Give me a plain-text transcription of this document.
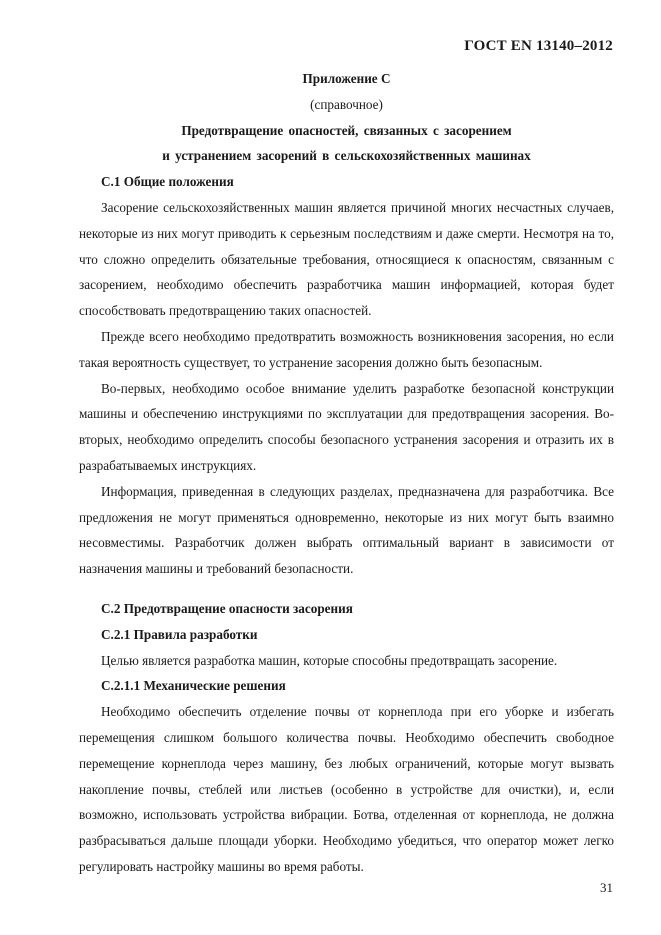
ГОСТ EN 13140–2012
Приложение С
(справочное)
Предотвращение опасностей, связанных с засорением
и устранением засорений в сельскохозяйственных машинах

С.1 Общие положения

Засорение сельскохозяйственных машин является причиной многих несчастных случаев, некоторые из них могут приводить к серьезным последствиям и даже смерти. Несмотря на то, что сложно определить обязательные требования, относящиеся к опасностям, связанным с засорением, необходимо обеспечить разработчика машин информацией, которая будет способствовать предотвращению таких опасностей.

Прежде всего необходимо предотвратить возможность возникновения засорения, но если такая вероятность существует, то устранение засорения должно быть безопасным.

Во-первых, необходимо особое внимание уделить разработке безопасной конструкции машины и обеспечению инструкциями по эксплуатации для предотвращения засорения. Во-вторых, необходимо определить способы безопасного устранения засорения и отразить их в разрабатываемых инструкциях.

Информация, приведенная в следующих разделах, предназначена для разработчика. Все предложения не могут применяться одновременно, некоторые из них могут быть взаимно несовместимы. Разработчик должен выбрать оптимальный вариант в зависимости от назначения машины и требований безопасности.

С.2 Предотвращение опасности засорения

С.2.1 Правила разработки

Целью является разработка машин, которые способны предотвращать засорение.

С.2.1.1 Механические решения

Необходимо обеспечить отделение почвы от корнеплода при его уборке и избегать перемещения слишком большого количества почвы. Необходимо обеспечить свободное перемещение корнеплода через машину, без любых ограничений, которые могут вызвать накопление почвы, стеблей или листьев (особенно в устройстве для очистки), и, если возможно, использовать устройства вибрации. Ботва, отделенная от корнеплода, не должна разбрасываться дальше площади уборки. Необходимо убедиться, что оператор может легко регулировать настройку машины во время работы.

31
